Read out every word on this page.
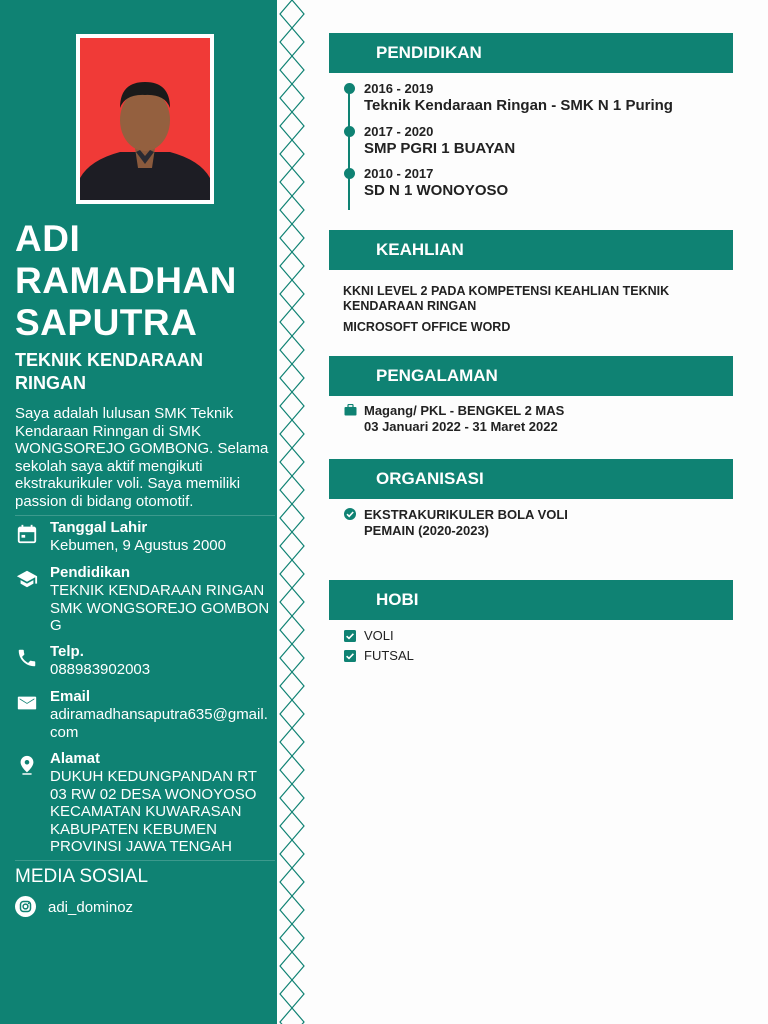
ADI
RAMADHAN
SAPUTRA
TEKNIK KENDARAAN RINGAN
Saya adalah lulusan SMK Teknik Kendaraan Rinngan di SMK WONGSOREJO GOMBONG. Selama sekolah saya aktif mengikuti ekstrakurikuler voli. Saya memiliki passion di bidang otomotif.
Tanggal Lahir
Kebumen, 9 Agustus 2000
Pendidikan
TEKNIK KENDARAAN RINGAN
SMK WONGSOREJO GOMBONG
Telp.
088983902003
Email
adiramadhansaputra635@gmail.com
Alamat
DUKUH KEDUNGPANDAN RT 03 RW 02 DESA WONOYOSO KECAMATAN KUWARASAN KABUPATEN KEBUMEN PROVINSI JAWA TENGAH
MEDIA SOSIAL
adi_dominoz
PENDIDIKAN
2016 - 2019
Teknik Kendaraan Ringan - SMK N 1 Puring
2017 - 2020
SMP PGRI 1 BUAYAN
2010 - 2017
SD N 1 WONOYOSO
KEAHLIAN
KKNI LEVEL 2 PADA KOMPETENSI KEAHLIAN TEKNIK KENDARAAN RINGAN
MICROSOFT OFFICE WORD
PENGALAMAN
Magang/ PKL - BENGKEL 2 MAS
03 Januari 2022 - 31 Maret 2022
ORGANISASI
EKSTRAKURIKULER BOLA VOLI
PEMAIN (2020-2023)
HOBI
VOLI
FUTSAL
